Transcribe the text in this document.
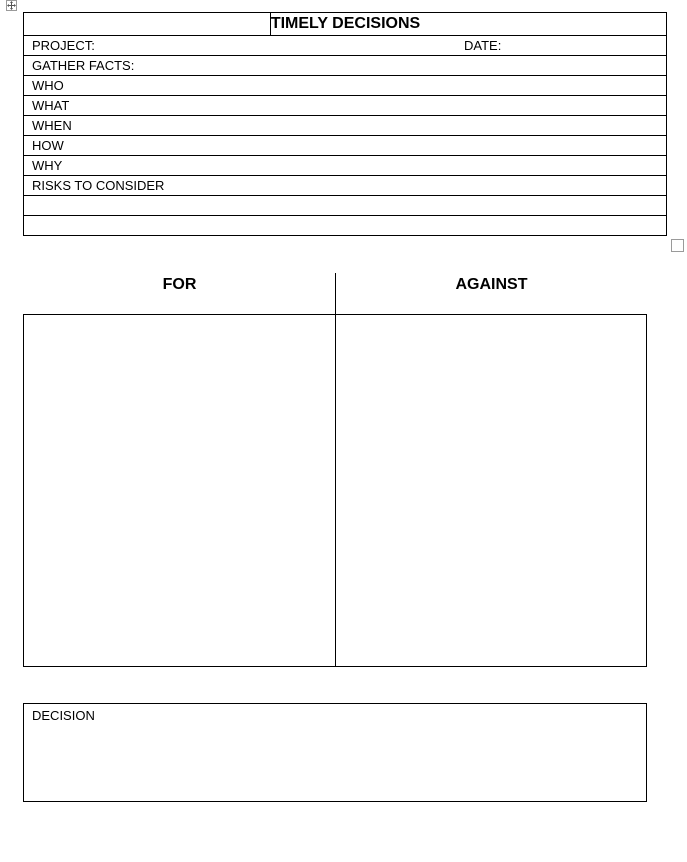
TIMELY DECISIONS
PROJECT:	DATE:

GATHER FACTS:
WHO
WHAT
WHEN
HOW
WHY
RISKS TO CONSIDER

FOR	AGAINST
DECISION
